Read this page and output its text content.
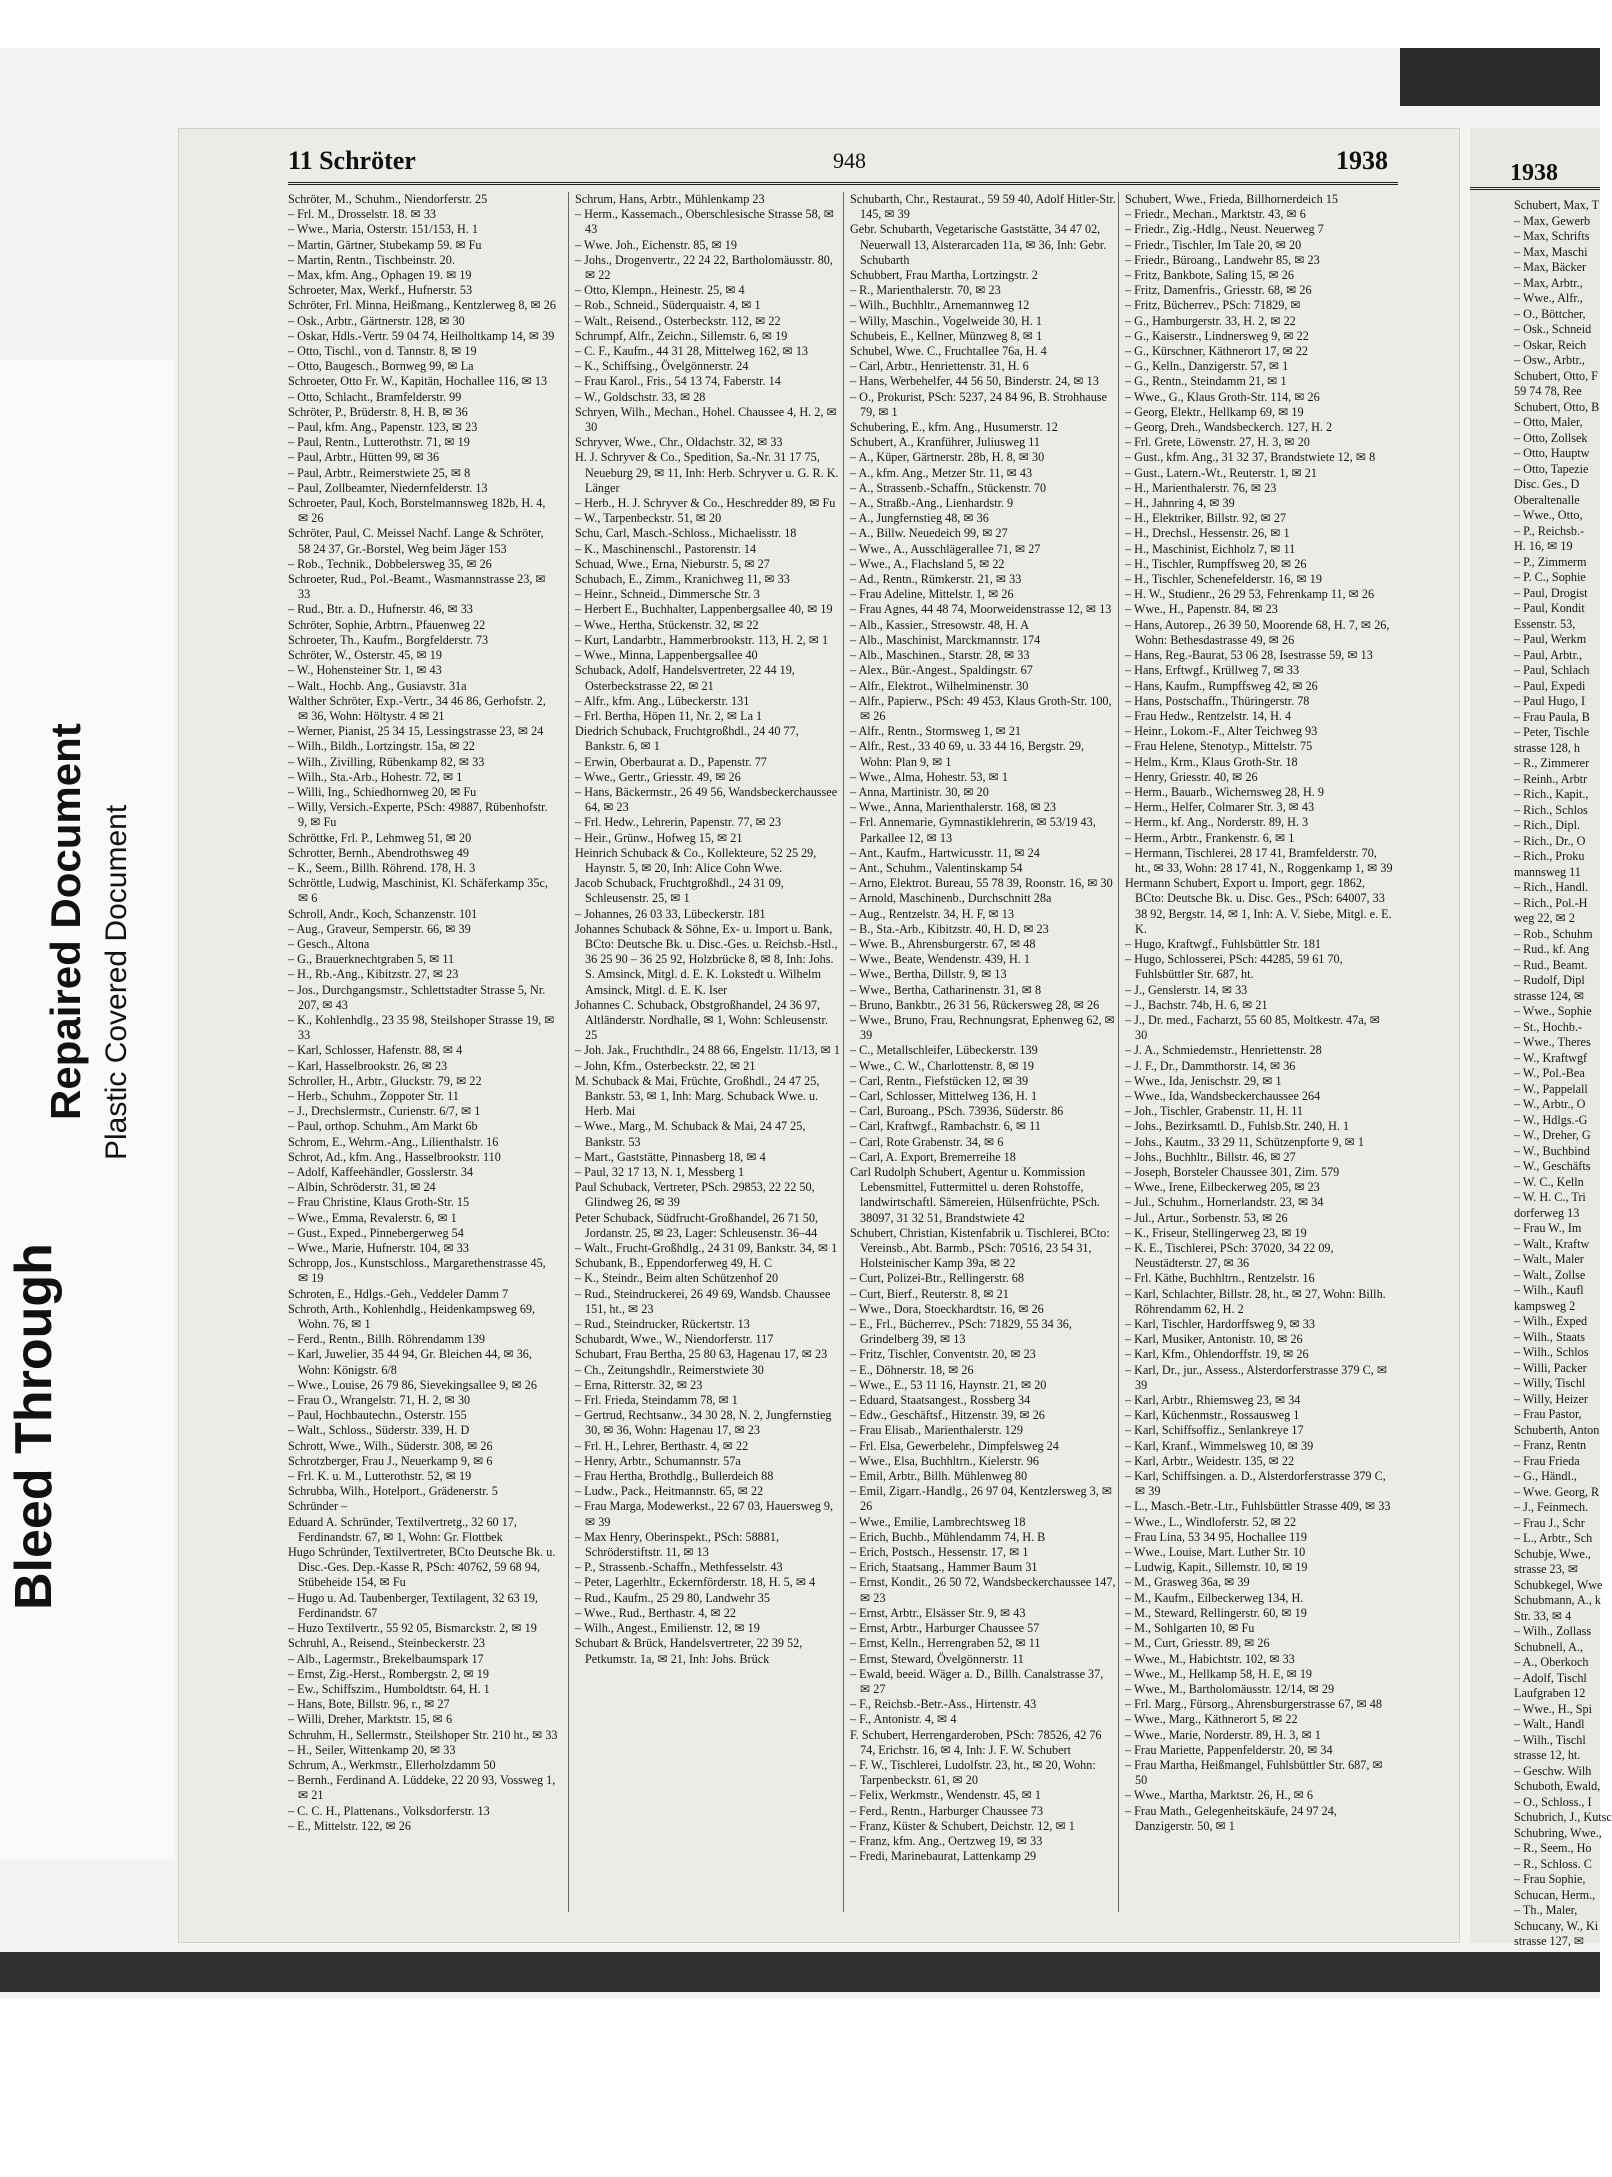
Bleed Through
Repaired Document Plastic Covered Document
11 Schröter	948	1938

Schröter, M., Schuhm., Niendorferstr. 25

– Frl. M., Drosselstr. 18. ✉ 33

– Wwe., Maria, Osterstr. 151/153, H. 1

– Martin, Gärtner, Stubekamp 59. ✉ Fu

– Martin, Rentn., Tischbeinstr. 20.

– Max, kfm. Ang., Ophagen 19. ✉ 19

Schroeter, Max, Werkf., Hufnerstr. 53

Schröter, Frl. Minna, Heißmang., Kentzlerweg 8, ✉ 26

– Osk., Arbtr., Gärtnerstr. 128, ✉ 30

– Oskar, Hdls.-Vertr. 59 04 74, Heilholtkamp 14, ✉ 39

– Otto, Tischl., von d. Tannstr. 8, ✉ 19

– Otto, Baugesch., Bornweg 99, ✉ La

Schroeter, Otto Fr. W., Kapitän, Hochallee 116, ✉ 13

– Otto, Schlacht., Bramfelderstr. 99

Schröter, P., Brüderstr. 8, H. B, ✉ 36

– Paul, kfm. Ang., Papenstr. 123, ✉ 23

– Paul, Rentn., Lutterothstr. 71, ✉ 19

– Paul, Arbtr., Hütten 99, ✉ 36

– Paul, Arbtr., Reimerstwiete 25, ✉ 8

– Paul, Zollbeamter, Niedernfelderstr. 13

Schroeter, Paul, Koch, Borstelmannsweg 182b, H. 4, ✉ 26

Schröter, Paul, C. Meissel Nachf. Lange & Schröter, 58 24 37, Gr.-Borstel, Weg beim Jäger 153

– Rob., Technik., Dobbelersweg 35, ✉ 26

Schroeter, Rud., Pol.-Beamt., Wasmannstrasse 23, ✉ 33

– Rud., Btr. a. D., Hufnerstr. 46, ✉ 33

Schröter, Sophie, Arbtrn., Pfauenweg 22

Schroeter, Th., Kaufm., Borgfelderstr. 73

Schröter, W., Osterstr. 45, ✉ 19

– W., Hohensteiner Str. 1, ✉ 43

– Walt., Hochb. Ang., Gusiavstr. 31a

Walther Schröter, Exp.-Vertr., 34 46 86, Gerhofstr. 2, ✉ 36, Wohn: Höltystr. 4 ✉ 21

– Werner, Pianist, 25 34 15, Lessingstrasse 23, ✉ 24

– Wilh., Bildh., Lortzingstr. 15a, ✉ 22

– Wilh., Zivilling, Rübenkamp 82, ✉ 33

– Wilh., Sta.-Arb., Hohestr. 72, ✉ 1

– Willi, Ing., Schiedhornweg 20, ✉ Fu

– Willy, Versich.-Experte, PSch: 49887, Rübenhofstr. 9, ✉ Fu

Schröttke, Frl. P., Lehmweg 51, ✉ 20

Schrotter, Bernh., Abendrothsweg 49

– K., Seem., Billh. Röhrend. 178, H. 3

Schröttle, Ludwig, Maschinist, Kl. Schäferkamp 35c, ✉ 6

Schroll, Andr., Koch, Schanzenstr. 101

– Aug., Graveur, Semperstr. 66, ✉ 39

– Gesch., Altona

– G., Brauerknechtgraben 5, ✉ 11

– H., Rb.-Ang., Kibitzstr. 27, ✉ 23

– Jos., Durchgangsmstr., Schlettstadter Strasse 5, Nr. 207, ✉ 43

– K., Kohlenhdlg., 23 35 98, Steilshoper Strasse 19, ✉ 33

– Karl, Schlosser, Hafenstr. 88, ✉ 4

– Karl, Hasselbrookstr. 26, ✉ 23

Schroller, H., Arbtr., Gluckstr. 79, ✉ 22

– Herb., Schuhm., Zoppoter Str. 11

– J., Drechslermstr., Curienstr. 6/7, ✉ 1

– Paul, orthop. Schuhm., Am Markt 6b

Schrom, E., Wehrm.-Ang., Lilienthalstr. 16

Schrot, Ad., kfm. Ang., Hasselbrookstr. 110

– Adolf, Kaffeehändler, Gosslerstr. 34

– Albin, Schröderstr. 31, ✉ 24

– Frau Christine, Klaus Groth-Str. 15

– Wwe., Emma, Revalerstr. 6, ✉ 1

– Gust., Exped., Pinnebergerweg 54

– Wwe., Marie, Hufnerstr. 104, ✉ 33

Schropp, Jos., Kunstschloss., Margarethenstrasse 45, ✉ 19

Schroten, E., Hdlgs.-Geh., Veddeler Damm 7

Schroth, Arth., Kohlenhdlg., Heidenkampsweg 69, Wohn. 76, ✉ 1

– Ferd., Rentn., Billh. Röhrendamm 139

– Karl, Juwelier, 35 44 94, Gr. Bleichen 44, ✉ 36, Wohn: Königstr. 6/8

– Wwe., Louise, 26 79 86, Sievekingsallee 9, ✉ 26

– Frau O., Wrangelstr. 71, H. 2, ✉ 30

– Paul, Hochbautechn., Osterstr. 155

– Walt., Schloss., Süderstr. 339, H. D

Schrott, Wwe., Wilh., Süderstr. 308, ✉ 26

Schrotzberger, Frau J., Neuerkamp 9, ✉ 6

– Frl. K. u. M., Lutterothstr. 52, ✉ 19

Schrubba, Wilh., Hotelport., Grädenerstr. 5

Schründer –

Eduard A. Schründer, Textilvertretg., 32 60 17, Ferdinandstr. 67, ✉ 1, Wohn: Gr. Flottbek

Hugo Schründer, Textilvertreter, BCto Deutsche Bk. u. Disc.-Ges. Dep.-Kasse R, PSch: 40762, 59 68 94, Stübeheide 154, ✉ Fu

– Hugo u. Ad. Taubenberger, Textilagent, 32 63 19, Ferdinandstr. 67

– Huzo Textilvertr., 55 92 05, Bismarckstr. 2, ✉ 19

Schruhl, A., Reisend., Steinbeckerstr. 23

– Alb., Lagermstr., Brekelbaumspark 17

– Ernst, Zig.-Herst., Rombergstr. 2, ✉ 19

– Ew., Schiffszim., Humboldtstr. 64, H. 1

– Hans, Bote, Billstr. 96, r., ✉ 27

– Willi, Dreher, Marktstr. 15, ✉ 6

Schruhm, H., Sellermstr., Steilshoper Str. 210 ht., ✉ 33

– H., Seiler, Wittenkamp 20, ✉ 33

Schrum, A., Werkmstr., Ellerholzdamm 50

– Bernh., Ferdinand A. Lüddeke, 22 20 93, Vossweg 1, ✉ 21

– C. C. H., Plattenans., Volksdorferstr. 13

– E., Mittelstr. 122, ✉ 26

Schrum, Hans, Arbtr., Mühlenkamp 23

– Herm., Kassemach., Oberschlesische Strasse 58, ✉ 43

– Wwe. Joh., Eichenstr. 85, ✉ 19

– Johs., Drogenvertr., 22 24 22, Bartholomäusstr. 80, ✉ 22

– Otto, Klempn., Heinestr. 25, ✉ 4

– Rob., Schneid., Süderquaistr. 4, ✉ 1

– Walt., Reisend., Osterbeckstr. 112, ✉ 22

Schrumpf, Alfr., Zeichn., Sillemstr. 6, ✉ 19

– C. F., Kaufm., 44 31 28, Mittelweg 162, ✉ 13

– K., Schiffsing., Övelgönnerstr. 24

– Frau Karol., Fris., 54 13 74, Faberstr. 14

– W., Goldschstr. 33, ✉ 28

Schryen, Wilh., Mechan., Hohel. Chaussee 4, H. 2, ✉ 30

Schryver, Wwe., Chr., Oldachstr. 32, ✉ 33

H. J. Schryver & Co., Spedition, Sa.-Nr. 31 17 75, Neueburg 29, ✉ 11, Inh: Herb. Schryver u. G. R. K. Länger

– Herb., H. J. Schryver & Co., Heschredder 89, ✉ Fu

– W., Tarpenbeckstr. 51, ✉ 20

Schu, Carl, Masch.-Schloss., Michaelisstr. 18

– K., Maschinenschl., Pastorenstr. 14

Schuad, Wwe., Erna, Nieburstr. 5, ✉ 27

Schubach, E., Zimm., Kranichweg 11, ✉ 33

– Heinr., Schneid., Dimmersche Str. 3

– Herbert E., Buchhalter, Lappenbergsallee 40, ✉ 19

– Wwe., Hertha, Stückenstr. 32, ✉ 22

– Kurt, Landarbtr., Hammerbrookstr. 113, H. 2, ✉ 1

– Wwe., Minna, Lappenbergsallee 40

Schuback, Adolf, Handelsvertreter, 22 44 19, Osterbeckstrasse 22, ✉ 21

– Alfr., kfm. Ang., Lübeckerstr. 131

– Frl. Bertha, Höpen 11, Nr. 2, ✉ La 1

Diedrich Schuback, Fruchtgroßhdl., 24 40 77, Bankstr. 6, ✉ 1

– Erwin, Oberbaurat a. D., Papenstr. 77

– Wwe., Gertr., Griesstr. 49, ✉ 26

– Hans, Bäckermstr., 26 49 56, Wandsbeckerchaussee 64, ✉ 23

– Frl. Hedw., Lehrerin, Papenstr. 77, ✉ 23

– Heir., Grünw., Hofweg 15, ✉ 21

Heinrich Schuback & Co., Kollekteure, 52 25 29, Haynstr. 5, ✉ 20, Inh: Alice Cohn Wwe.

Jacob Schuback, Fruchtgroßhdl., 24 31 09, Schleusenstr. 25, ✉ 1

– Johannes, 26 03 33, Lübeckerstr. 181

Johannes Schuback & Söhne, Ex- u. Import u. Bank, BCto: Deutsche Bk. u. Disc.-Ges. u. Reichsb.-Hstl., 36 25 90 – 36 25 92, Holzbrücke 8, ✉ 8, Inh: Johs. S. Amsinck, Mitgl. d. E. K. Lokstedt u. Wilhelm Amsinck, Mitgl. d. E. K. Iser

Johannes C. Schuback, Obstgroßhandel, 24 36 97, Altländerstr. Nordhalle, ✉ 1, Wohn: Schleusenstr. 25

– Joh. Jak., Fruchthdlr., 24 88 66, Engelstr. 11/13, ✉ 1

– John, Kfm., Osterbeckstr. 22, ✉ 21

M. Schuback & Mai, Früchte, Großhdl., 24 47 25, Bankstr. 53, ✉ 1, Inh: Marg. Schuback Wwe. u. Herb. Mai

– Wwe., Marg., M. Schuback & Mai, 24 47 25, Bankstr. 53

– Mart., Gaststätte, Pinnasberg 18, ✉ 4

– Paul, 32 17 13, N. 1, Messberg 1

Paul Schuback, Vertreter, PSch. 29853, 22 22 50, Glindweg 26, ✉ 39

Peter Schuback, Südfrucht-Großhandel, 26 71 50, Jordanstr. 25, ✉ 23, Lager: Schleusenstr. 36–44

– Walt., Frucht-Großhdlg., 24 31 09, Bankstr. 34, ✉ 1

Schubank, B., Eppendorferweg 49, H. C

– K., Steindr., Beim alten Schützenhof 20

– Rud., Steindruckerei, 26 49 69, Wandsb. Chaussee 151, ht., ✉ 23

– Rud., Steindrucker, Rückertstr. 13

Schubardt, Wwe., W., Niendorferstr. 117

Schubart, Frau Bertha, 25 80 63, Hagenau 17, ✉ 23

– Ch., Zeitungshdlr., Reimerstwiete 30

– Erna, Ritterstr. 32, ✉ 23

– Frl. Frieda, Steindamm 78, ✉ 1

– Gertrud, Rechtsanw., 34 30 28, N. 2, Jungfernstieg 30, ✉ 36, Wohn: Hagenau 17, ✉ 23

– Frl. H., Lehrer, Berthastr. 4, ✉ 22

– Henry, Arbtr., Schumannstr. 57a

– Frau Hertha, Brothdlg., Bullerdeich 88

– Ludw., Pack., Heitmannstr. 65, ✉ 22

– Frau Marga, Modewerkst., 22 67 03, Hauersweg 9, ✉ 39

– Max Henry, Oberinspekt., PSch: 58881, Schröderstiftstr. 11, ✉ 13

– P., Strassenb.-Schaffn., Methfesselstr. 43

– Peter, Lagerhltr., Eckernförderstr. 18, H. 5, ✉ 4

– Rud., Kaufm., 25 29 80, Landwehr 35

– Wwe., Rud., Berthastr. 4, ✉ 22

– Wilh., Angest., Emilienstr. 12, ✉ 19

Schubart & Brück, Handelsvertreter, 22 39 52, Petkumstr. 1a, ✉ 21, Inh: Johs. Brück

Schubarth, Chr., Restaurat., 59 59 40, Adolf Hitler-Str. 145, ✉ 39

Gebr. Schubarth, Vegetarische Gaststätte, 34 47 02, Neuerwall 13, Alsterarcaden 11a, ✉ 36, Inh: Gebr. Schubarth

Schubbert, Frau Martha, Lortzingstr. 2

– R., Marienthalerstr. 70, ✉ 23

– Wilh., Buchhltr., Arnemannweg 12

– Willy, Maschin., Vogelweide 30, H. 1

Schubeis, E., Kellner, Münzweg 8, ✉ 1

Schubel, Wwe. C., Fruchtallee 76a, H. 4

– Carl, Arbtr., Henriettenstr. 31, H. 6

– Hans, Werbehelfer, 44 56 50, Binderstr. 24, ✉ 13

– O., Prokurist, PSch: 5237, 24 84 96, B. Strohhause 79, ✉ 1

Schubering, E., kfm. Ang., Husumerstr. 12

Schubert, A., Kranführer, Juliusweg 11

– A., Küper, Gärtnerstr. 28b, H. 8, ✉ 30

– A., kfm. Ang., Metzer Str. 11, ✉ 43

– A., Strassenb.-Schaffn., Stückenstr. 70

– A., Straßb.-Ang., Lienhardstr. 9

– A., Jungfernstieg 48, ✉ 36

– A., Billw. Neuedeich 99, ✉ 27

– Wwe., A., Ausschlägerallee 71, ✉ 27

– Wwe., A., Flachsland 5, ✉ 22

– Ad., Rentn., Rümkerstr. 21, ✉ 33

– Frau Adeline, Mittelstr. 1, ✉ 26

– Frau Agnes, 44 48 74, Moorweidenstrasse 12, ✉ 13

– Alb., Kassier., Stresowstr. 48, H. A

– Alb., Maschinist, Marckmannstr. 174

– Alb., Maschinen., Starstr. 28, ✉ 33

– Alex., Bür.-Angest., Spaldingstr. 67

– Alfr., Elektrot., Wilhelminenstr. 30

– Alfr., Papierw., PSch: 49 453, Klaus Groth-Str. 100, ✉ 26

– Alfr., Rentn., Stormsweg 1, ✉ 21

– Alfr., Rest., 33 40 69, u. 33 44 16, Bergstr. 29, Wohn: Plan 9, ✉ 1

– Wwe., Alma, Hohestr. 53, ✉ 1

– Anna, Martinistr. 30, ✉ 20

– Wwe., Anna, Marienthalerstr. 168, ✉ 23

– Frl. Annemarie, Gymnastiklehrerin, ✉ 53/19 43, Parkallee 12, ✉ 13

– Ant., Kaufm., Hartwicusstr. 11, ✉ 24

– Ant., Schuhm., Valentinskamp 54

– Arno, Elektrot. Bureau, 55 78 39, Roonstr. 16, ✉ 30

– Arnold, Maschinenb., Durchschnitt 28a

– Aug., Rentzelstr. 34, H. F, ✉ 13

– B., Sta.-Arb., Kibitzstr. 40, H. D, ✉ 23

– Wwe. B., Ahrensburgerstr. 67, ✉ 48

– Wwe., Beate, Wendenstr. 439, H. 1

– Wwe., Bertha, Dillstr. 9, ✉ 13

– Wwe., Bertha, Catharinenstr. 31, ✉ 8

– Bruno, Bankbtr., 26 31 56, Rückersweg 28, ✉ 26

– Wwe., Bruno, Frau, Rechnungsrat, Ephenweg 62, ✉ 39

– C., Metallschleifer, Lübeckerstr. 139

– Wwe., C. W., Charlottenstr. 8, ✉ 19

– Carl, Rentn., Fiefstücken 12, ✉ 39

– Carl, Schlosser, Mittelweg 136, H. 1

– Carl, Buroang., PSch. 73936, Süderstr. 86

– Carl, Kraftwgf., Rambachstr. 6, ✉ 11

– Carl, Rote Grabenstr. 34, ✉ 6

– Carl, A. Export, Bremerreihe 18

Carl Rudolph Schubert, Agentur u. Kommission Lebensmittel, Futtermittel u. deren Rohstoffe, landwirtschaftl. Sämereien, Hülsenfrüchte, PSch. 38097, 31 32 51, Brandstwiete 42

Schubert, Christian, Kistenfabrik u. Tischlerei, BCto: Vereinsb., Abt. Barmb., PSch: 70516, 23 54 31, Holsteinischer Kamp 39a, ✉ 22

– Curt, Polizei-Btr., Rellingerstr. 68

– Curt, Bierf., Reuterstr. 8, ✉ 21

– Wwe., Dora, Stoeckhardtstr. 16, ✉ 26

– E., Frl., Bücherrev., PSch: 71829, 55 34 36, Grindelberg 39, ✉ 13

– Fritz, Tischler, Conventstr. 20, ✉ 23

– E., Döhnerstr. 18, ✉ 26

– Wwe., E., 53 11 16, Haynstr. 21, ✉ 20

– Eduard, Staatsangest., Rossberg 34

– Edw., Geschäftsf., Hitzenstr. 39, ✉ 26

– Frau Elisab., Marienthalerstr. 129

– Frl. Elsa, Gewerbelehr., Dimpfelsweg 24

– Wwe., Elsa, Buchhltrn., Kielerstr. 96

– Emil, Arbtr., Billh. Mühlenweg 80

– Emil, Zigarr.-Handlg., 26 97 04, Kentzlersweg 3, ✉ 26

– Wwe., Emilie, Lambrechtsweg 18

– Erich, Buchb., Mühlendamm 74, H. B

– Erich, Postsch., Hessenstr. 17, ✉ 1

– Erich, Staatsang., Hammer Baum 31

– Ernst, Kondit., 26 50 72, Wandsbeckerchaussee 147, ✉ 23

– Ernst, Arbtr., Elsässer Str. 9, ✉ 43

– Ernst, Arbtr., Harburger Chaussee 57

– Ernst, Kelln., Herrengraben 52, ✉ 11

– Ernst, Steward, Övelgönnerstr. 11

– Ewald, beeid. Wäger a. D., Billh. Canalstrasse 37, ✉ 27

– F., Reichsb.-Betr.-Ass., Hirtenstr. 43

– F., Antonistr. 4, ✉ 4

F. Schubert, Herrengarderoben, PSch: 78526, 42 76 74, Erichstr. 16, ✉ 4, Inh: J. F. W. Schubert

– F. W., Tischlerei, Ludolfstr. 23, ht., ✉ 20, Wohn: Tarpenbeckstr. 61, ✉ 20

– Felix, Werkmstr., Wendenstr. 45, ✉ 1

– Ferd., Rentn., Harburger Chaussee 73

– Franz, Küster & Schubert, Deichstr. 12, ✉ 1

– Franz, kfm. Ang., Oertzweg 19, ✉ 33

– Fredi, Marinebaurat, Lattenkamp 29

Schubert, Wwe., Frieda, Billhornerdeich 15

– Friedr., Mechan., Marktstr. 43, ✉ 6

– Friedr., Zig.-Hdlg., Neust. Neuerweg 7

– Friedr., Tischler, Im Tale 20, ✉ 20

– Friedr., Büroang., Landwehr 85, ✉ 23

– Fritz, Bankbote, Saling 15, ✉ 26

– Fritz, Damenfris., Griesstr. 68, ✉ 26

– Fritz, Bücherrev., PSch: 71829, ✉

– G., Hamburgerstr. 33, H. 2, ✉ 22

– G., Kaiserstr., Lindnersweg 9, ✉ 22

– G., Kürschner, Käthnerort 17, ✉ 22

– G., Kelln., Danzigerstr. 57, ✉ 1

– G., Rentn., Steindamm 21, ✉ 1

– Wwe., G., Klaus Groth-Str. 114, ✉ 26

– Georg, Elektr., Hellkamp 69, ✉ 19

– Georg, Dreh., Wandsbeckerch. 127, H. 2

– Frl. Grete, Löwenstr. 27, H. 3, ✉ 20

– Gust., kfm. Ang., 31 32 37, Brandstwiete 12, ✉ 8

– Gust., Latern.-Wt., Reuterstr. 1, ✉ 21

– H., Marienthalerstr. 76, ✉ 23

– H., Jahnring 4, ✉ 39

– H., Elektriker, Billstr. 92, ✉ 27

– H., Drechsl., Hessenstr. 26, ✉ 1

– H., Maschinist, Eichholz 7, ✉ 11

– H., Tischler, Rumpffsweg 20, ✉ 26

– H., Tischler, Schenefelderstr. 16, ✉ 19

– H. W., Studienr., 26 29 53, Fehrenkamp 11, ✉ 26

– Wwe., H., Papenstr. 84, ✉ 23

– Hans, Autorep., 26 39 50, Moorende 68, H. 7, ✉ 26, Wohn: Bethesdastrasse 49, ✉ 26

– Hans, Reg.-Baurat, 53 06 28, Isestrasse 59, ✉ 13

– Hans, Erftwgf., Krüllweg 7, ✉ 33

– Hans, Kaufm., Rumpffsweg 42, ✉ 26

– Hans, Postschaffn., Thüringerstr. 78

– Frau Hedw., Rentzelstr. 14, H. 4

– Heinr., Lokom.-F., Alter Teichweg 93

– Frau Helene, Stenotyp., Mittelstr. 75

– Helm., Krm., Klaus Groth-Str. 18

– Henry, Griesstr. 40, ✉ 26

– Herm., Bauarb., Wichernsweg 28, H. 9

– Herm., Helfer, Colmarer Str. 3, ✉ 43

– Herm., kf. Ang., Norderstr. 89, H. 3

– Herm., Arbtr., Frankenstr. 6, ✉ 1

– Hermann, Tischlerei, 28 17 41, Bramfelderstr. 70, ht., ✉ 33, Wohn: 28 17 41, N., Roggenkamp 1, ✉ 39

Hermann Schubert, Export u. Import, gegr. 1862, BCto: Deutsche Bk. u. Disc. Ges., PSch: 64007, 33 38 92, Bergstr. 14, ✉ 1, Inh: A. V. Siebe, Mitgl. e. E. K.

– Hugo, Kraftwgf., Fuhlsbüttler Str. 181

– Hugo, Schlosserei, PSch: 44285, 59 61 70, Fuhlsbüttler Str. 687, ht.

– J., Genslerstr. 14, ✉ 33

– J., Bachstr. 74b, H. 6, ✉ 21

– J., Dr. med., Facharzt, 55 60 85, Moltkestr. 47a, ✉ 30

– J. A., Schmiedemstr., Henriettenstr. 28

– J. F., Dr., Dammthorstr. 14, ✉ 36

– Wwe., Ida, Jenischstr. 29, ✉ 1

– Wwe., Ida, Wandsbeckerchaussee 264

– Joh., Tischler, Grabenstr. 11, H. 11

– Johs., Bezirksamtl. D., Fuhlsb.Str. 240, H. 1

– Johs., Kautm., 33 29 11, Schützenpforte 9, ✉ 1

– Johs., Buchhltr., Billstr. 46, ✉ 27

– Joseph, Borsteler Chaussee 301, Zim. 579

– Wwe., Irene, Eilbeckerweg 205, ✉ 23

– Jul., Schuhm., Hornerlandstr. 23, ✉ 34

– Jul., Artur., Sorbenstr. 53, ✉ 26

– K., Friseur, Stellingerweg 23, ✉ 19

– K. E., Tischlerei, PSch: 37020, 34 22 09, Neustädterstr. 27, ✉ 36

– Frl. Käthe, Buchhltrn., Rentzelstr. 16

– Karl, Schlachter, Billstr. 28, ht., ✉ 27, Wohn: Billh. Röhrendamm 62, H. 2

– Karl, Tischler, Hardorffsweg 9, ✉ 33

– Karl, Musiker, Antonistr. 10, ✉ 26

– Karl, Kfm., Ohlendorffstr. 19, ✉ 26

– Karl, Dr., jur., Assess., Alsterdorferstrasse 379 C, ✉ 39

– Karl, Arbtr., Rhiemsweg 23, ✉ 34

– Karl, Küchenmstr., Rossausweg 1

– Karl, Schiffsoffiz., Senlankreye 17

– Karl, Kranf., Wimmelsweg 10, ✉ 39

– Karl, Arbtr., Weidestr. 135, ✉ 22

– Karl, Schiffsingen. a. D., Alsterdorferstrasse 379 C, ✉ 39

– L., Masch.-Betr.-Ltr., Fuhlsbüttler Strasse 409, ✉ 33

– Wwe., L., Windloferstr. 52, ✉ 22

– Frau Lina, 53 34 95, Hochallee 119

– Wwe., Louise, Mart. Luther Str. 10

– Ludwig, Kapit., Sillemstr. 10, ✉ 19

– M., Grasweg 36a, ✉ 39

– M., Kaufm., Eilbeckerweg 134, H.

– M., Steward, Rellingerstr. 60, ✉ 19

– M., Sohlgarten 10, ✉ Fu

– M., Curt, Griesstr. 89, ✉ 26

– Wwe., M., Habichtstr. 102, ✉ 33

– Wwe., M., Hellkamp 58, H. E, ✉ 19

– Wwe., M., Bartholomäusstr. 12/14, ✉ 29

– Frl. Marg., Fürsorg., Ahrensburgerstrasse 67, ✉ 48

– Wwe., Marg., Käthnerort 5, ✉ 22

– Wwe., Marie, Norderstr. 89, H. 3, ✉ 1

– Frau Mariette, Pappenfelderstr. 20, ✉ 34

– Frau Martha, Heißmangel, Fuhlsbüttler Str. 687, ✉ 50

– Wwe., Martha, Marktstr. 26, H., ✉ 6

– Frau Math., Gelegenheitskäufe, 24 97 24, Danzigerstr. 50, ✉ 1

1938
Schubert, Max, T
– Max, Gewerb
– Max, Schrifts
– Max, Maschi
– Max, Bäcker
– Max, Arbtr.,
– Wwe., Alfr.,
– O., Böttcher,
– Osk., Schneid
– Oskar, Reich
– Osw., Arbtr.,
Schubert, Otto, F
59 74 78, Ree
Schubert, Otto, B
– Otto, Maler,
– Otto, Zollsek
– Otto, Hauptw
– Otto, Tapezie
Disc. Ges., D
Oberaltenalle
– Wwe., Otto,
– P., Reichsb.-
H. 16, ✉ 19
– P., Zimmerm
– P. C., Sophie
– Paul, Drogist
– Paul, Kondit
Essenstr. 53,
– Paul, Werkm
– Paul, Arbtr.,
– Paul, Schlach
– Paul, Expedi
– Paul Hugo, I
– Frau Paula, B
– Peter, Tischle
strasse 128, h
– R., Zimmerer
– Reinh., Arbtr
– Rich., Kapit.,
– Rich., Schlos
– Rich., Dipl.
– Rich., Dr., O
– Rich., Proku
mannsweg 11
– Rich., Handl.
– Rich., Pol.-H
weg 22, ✉ 2
– Rob., Schuhm
– Rud., kf. Ang
– Rud., Beamt.
– Rudolf, Dipl
strasse 124, ✉
– Wwe., Sophie
– St., Hochb.-
– Wwe., Theres
– W., Kraftwgf
– W., Pol.-Bea
– W., Pappelall
– W., Arbtr., O
– W., Hdlgs.-G
– W., Dreher, G
– W., Buchbind
– W., Geschäfts
– W. C., Kelln
– W. H. C., Tri
dorferweg 13
– Frau W., Im
– Walt., Kraftw
– Walt., Maler
– Walt., Zollse
– Wilh., Kaufl
kampsweg 2
– Wilh., Exped
– Wilh., Staats
– Wilh., Schlos
– Willi, Packer
– Willy, Tischl
– Willy, Heizer
– Frau Pastor,
Schuberth, Anton
– Franz, Rentn
– Frau Frieda
– G., Händl.,
– Wwe. Georg, R
– J., Feinmech.
– Frau J., Schr
– L., Arbtr., Sch
Schubje, Wwe.,
strasse 23, ✉
Schubkegel, Wwe
Schubmann, A., k
Str. 33, ✉ 4
– Wilh., Zollass
Schubnell, A.,
– A., Oberkoch
– Adolf, Tischl
Laufgraben 12
– Wwe., H., Spi
– Walt., Handl
– Wilh., Tischl
strasse 12, ht.
– Geschw. Wilh
Schuboth, Ewald,
– O., Schloss., I
Schubrich, J., Kutsc
Schubring, Wwe.,
– R., Seem., Ho
– R., Schloss. C
– Frau Sophie,
Schucan, Herm.,
– Th., Maler,
Schucany, W., Ki
strasse 127, ✉
